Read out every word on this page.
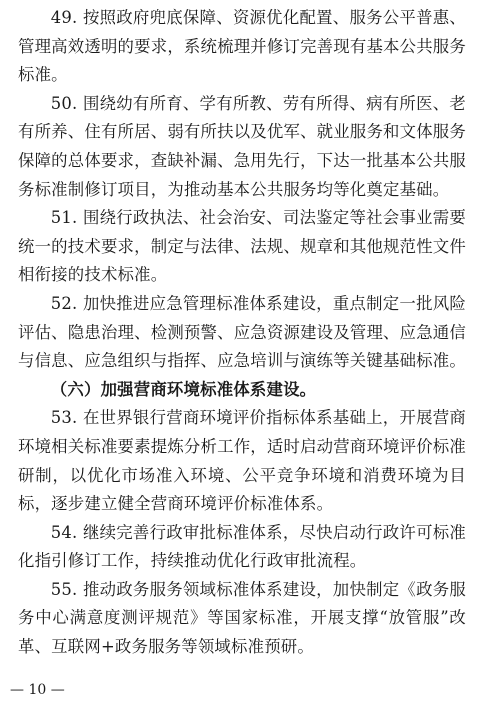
49. 按照政府兜底保障、资源优化配置、服务公平普惠、管理高效透明的要求，系统梳理并修订完善现有基本公共服务标准。

50. 围绕幼有所育、学有所教、劳有所得、病有所医、老有所养、住有所居、弱有所扶以及优军、就业服务和文体服务保障的总体要求，查缺补漏、急用先行，下达一批基本公共服务标准制修订项目，为推动基本公共服务均等化奠定基础。

51. 围绕行政执法、社会治安、司法鉴定等社会事业需要统一的技术要求，制定与法律、法规、规章和其他规范性文件相衔接的技术标准。

52. 加快推进应急管理标准体系建设，重点制定一批风险评估、隐患治理、检测预警、应急资源建设及管理、应急通信与信息、应急组织与指挥、应急培训与演练等关键基础标准。

（六）加强营商环境标准体系建设。

53. 在世界银行营商环境评价指标体系基础上，开展营商环境相关标准要素提炼分析工作，适时启动营商环境评价标准研制，以优化市场准入环境、公平竞争环境和消费环境为目标，逐步建立健全营商环境评价标准体系。

54. 继续完善行政审批标准体系，尽快启动行政许可标准化指引修订工作，持续推动优化行政审批流程。

55. 推动政务服务领域标准体系建设，加快制定《政务服务中心满意度测评规范》等国家标准，开展支撑“放管服”改革、互联网+政务服务等领域标准预研。

— 10 —
